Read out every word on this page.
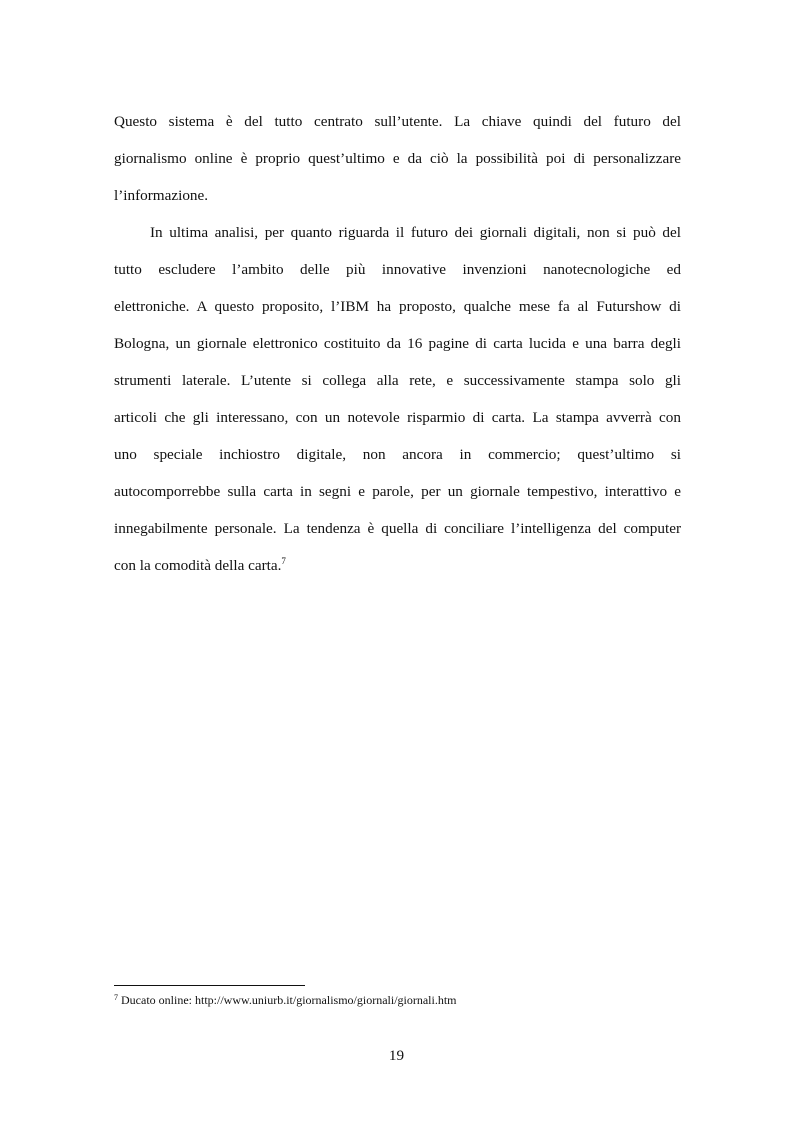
Questo sistema è del tutto centrato sull’utente. La chiave quindi del futuro del
giornalismo online è proprio quest’ultimo e da ciò la possibilità poi di personalizzare
l’informazione.
In ultima analisi, per quanto riguarda il futuro dei giornali digitali, non si può del
tutto escludere l’ambito delle più innovative invenzioni nanotecnologiche ed
elettroniche. A questo proposito, l’IBM ha proposto, qualche mese fa al Futurshow di
Bologna, un giornale elettronico costituito da 16 pagine di carta lucida e una barra degli
strumenti laterale. L’utente si collega alla rete, e successivamente stampa solo gli
articoli che gli interessano, con un notevole risparmio di carta. La stampa avverrà con
uno speciale inchiostro digitale, non ancora in commercio; quest’ultimo si
autocomporrebbe sulla carta in segni e parole, per un giornale tempestivo, interattivo e
innegabilmente personale. La tendenza è quella di conciliare l’intelligenza del computer
con la comodità della carta.$^7$
$^7$ Ducato online: http://www.uniurb.it/giornalismo/giornali/giornali.htm
19
